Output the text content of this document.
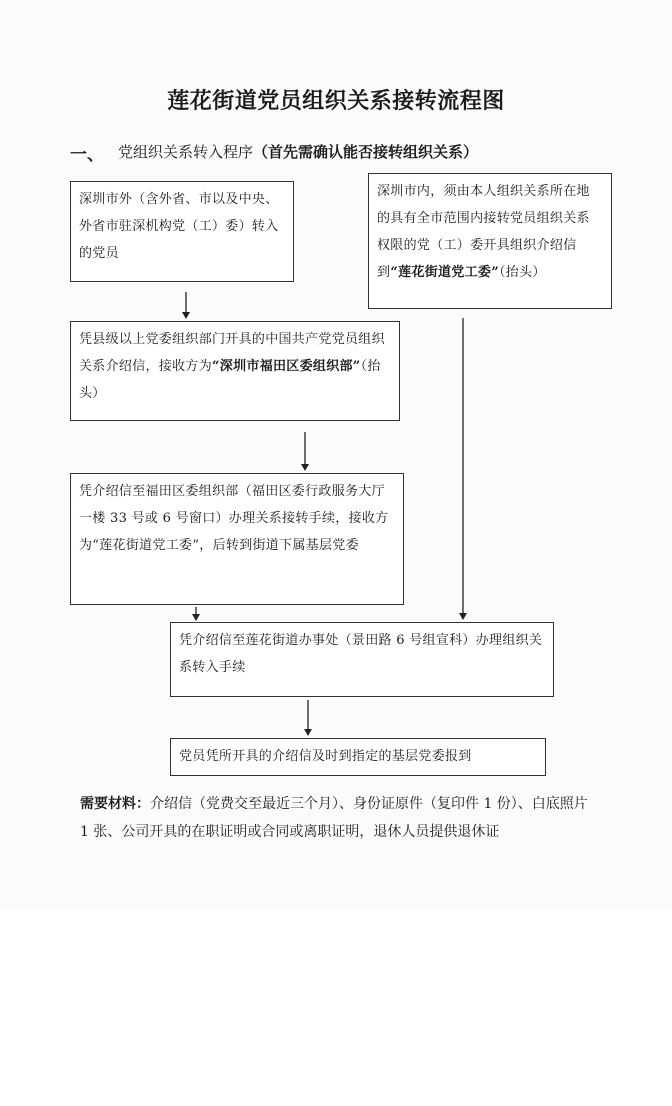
莲花街道党员组织关系接转流程图
一、 党组织关系转入程序（首先需确认能否接转组织关系）
深圳市外（含外省、市以及中央、外省市驻深机构党（工）委）转入的党员
深圳市内，须由本人组织关系所在地的具有全市范围内接转党员组织关系权限的党（工）委开具组织介绍信到“莲花街道党工委”（抬头）
凭县级以上党委组织部门开具的中国共产党党员组织关系介绍信，接收方为“深圳市福田区委组织部”（抬头）
凭介绍信至福田区委组织部（福田区委行政服务大厅一楼 33 号或 6 号窗口）办理关系接转手续，接收方为“莲花街道党工委”，后转到街道下属基层党委
凭介绍信至莲花街道办事处（景田路 6 号组宣科）办理组织关系转入手续
党员凭所开具的介绍信及时到指定的基层党委报到
需要材料：介绍信（党费交至最近三个月）、身份证原件（复印件 1 份）、白底照片 1 张、公司开具的在职证明或合同或离职证明，退休人员提供退休证
